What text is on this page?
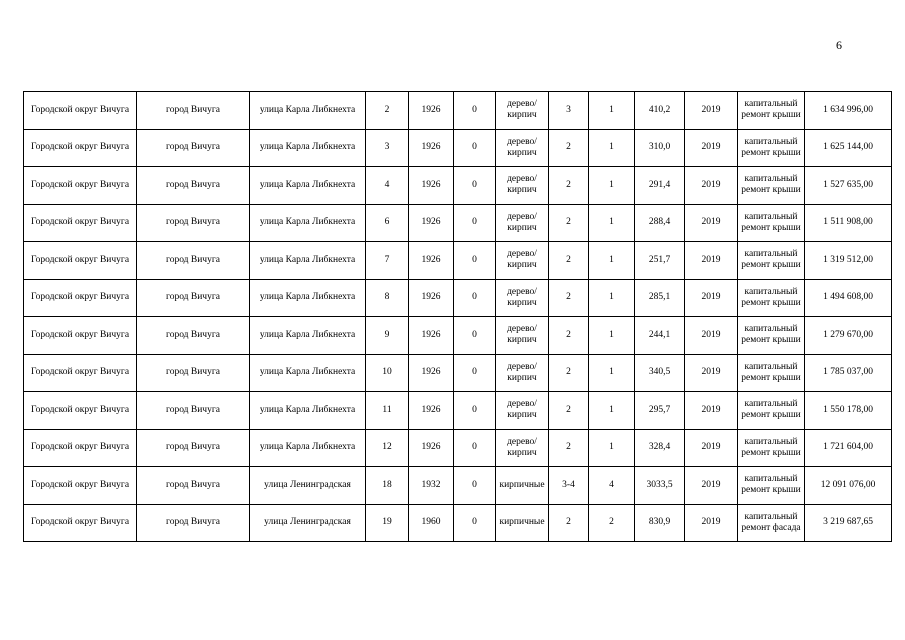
6
Городской округ Вичуга	город Вичуга	улица Карла Либкнехта	2	1926	0	дерево/кирпич	3	1	410,2	2019	капитальный ремонт крыши	1 634 996,00
Городской округ Вичуга	город Вичуга	улица Карла Либкнехта	3	1926	0	дерево/кирпич	2	1	310,0	2019	капитальный ремонт крыши	1 625 144,00
Городской округ Вичуга	город Вичуга	улица Карла Либкнехта	4	1926	0	дерево/кирпич	2	1	291,4	2019	капитальный ремонт крыши	1 527 635,00
Городской округ Вичуга	город Вичуга	улица Карла Либкнехта	6	1926	0	дерево/кирпич	2	1	288,4	2019	капитальный ремонт крыши	1 511 908,00
Городской округ Вичуга	город Вичуга	улица Карла Либкнехта	7	1926	0	дерево/кирпич	2	1	251,7	2019	капитальный ремонт крыши	1 319 512,00
Городской округ Вичуга	город Вичуга	улица Карла Либкнехта	8	1926	0	дерево/кирпич	2	1	285,1	2019	капитальный ремонт крыши	1 494 608,00
Городской округ Вичуга	город Вичуга	улица Карла Либкнехта	9	1926	0	дерево/кирпич	2	1	244,1	2019	капитальный ремонт крыши	1 279 670,00
Городской округ Вичуга	город Вичуга	улица Карла Либкнехта	10	1926	0	дерево/кирпич	2	1	340,5	2019	капитальный ремонт крыши	1 785 037,00
Городской округ Вичуга	город Вичуга	улица Карла Либкнехта	11	1926	0	дерево/кирпич	2	1	295,7	2019	капитальный ремонт крыши	1 550 178,00
Городской округ Вичуга	город Вичуга	улица Карла Либкнехта	12	1926	0	дерево/кирпич	2	1	328,4	2019	капитальный ремонт крыши	1 721 604,00
Городской округ Вичуга	город Вичуга	улица Ленинградская	18	1932	0	кирпичные	3-4	4	3033,5	2019	капитальный ремонт крыши	12 091 076,00
Городской округ Вичуга	город Вичуга	улица Ленинградская	19	1960	0	кирпичные	2	2	830,9	2019	капитальный ремонт фасада	3 219 687,65
